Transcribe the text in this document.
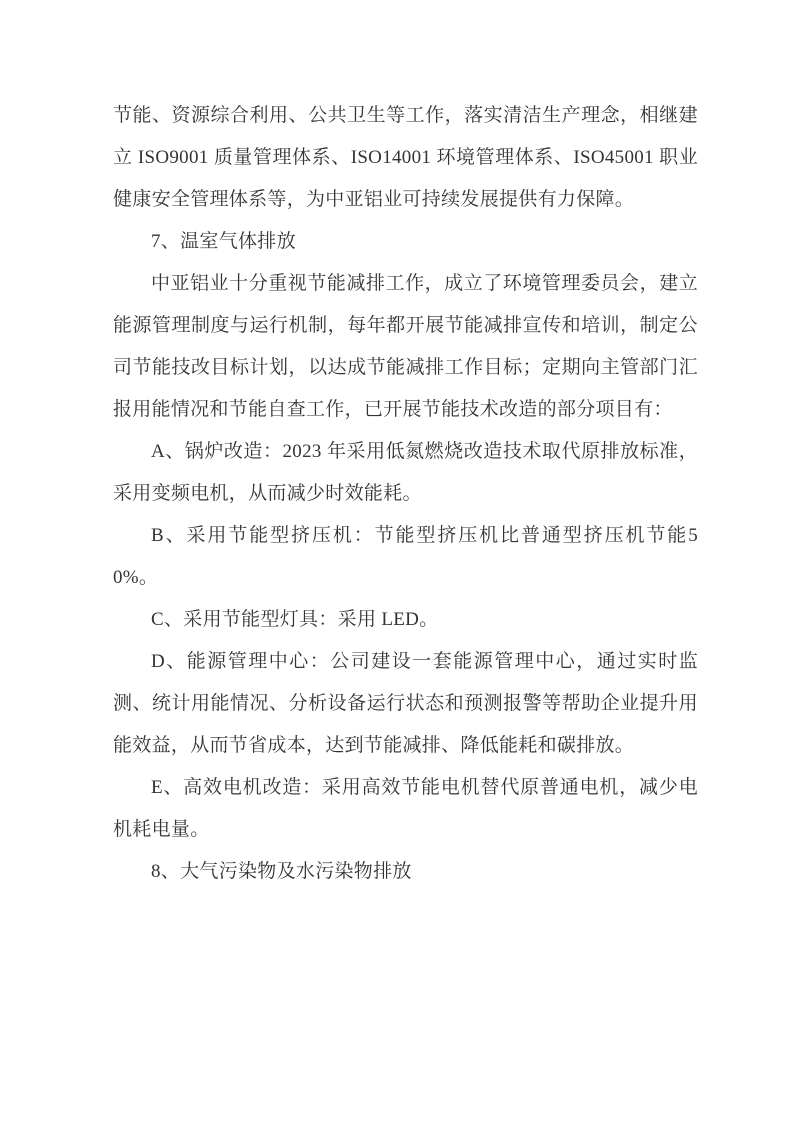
节能、资源综合利用、公共卫生等工作，落实清洁生产理念，相继建立 ISO9001 质量管理体系、ISO14001 环境管理体系、ISO45001 职业健康安全管理体系等，为中亚铝业可持续发展提供有力保障。

7、温室气体排放

中亚铝业十分重视节能减排工作，成立了环境管理委员会，建立能源管理制度与运行机制，每年都开展节能减排宣传和培训，制定公司节能技改目标计划，以达成节能减排工作目标；定期向主管部门汇报用能情况和节能自查工作，已开展节能技术改造的部分项目有：

A、锅炉改造：2023 年采用低氮燃烧改造技术取代原排放标准，采用变频电机，从而减少时效能耗。

B、采用节能型挤压机：节能型挤压机比普通型挤压机节能50%。

C、采用节能型灯具：采用 LED。

D、能源管理中心：公司建设一套能源管理中心，通过实时监测、统计用能情况、分析设备运行状态和预测报警等帮助企业提升用能效益，从而节省成本，达到节能减排、降低能耗和碳排放。

E、高效电机改造：采用高效节能电机替代原普通电机，减少电机耗电量。

8、大气污染物及水污染物排放
